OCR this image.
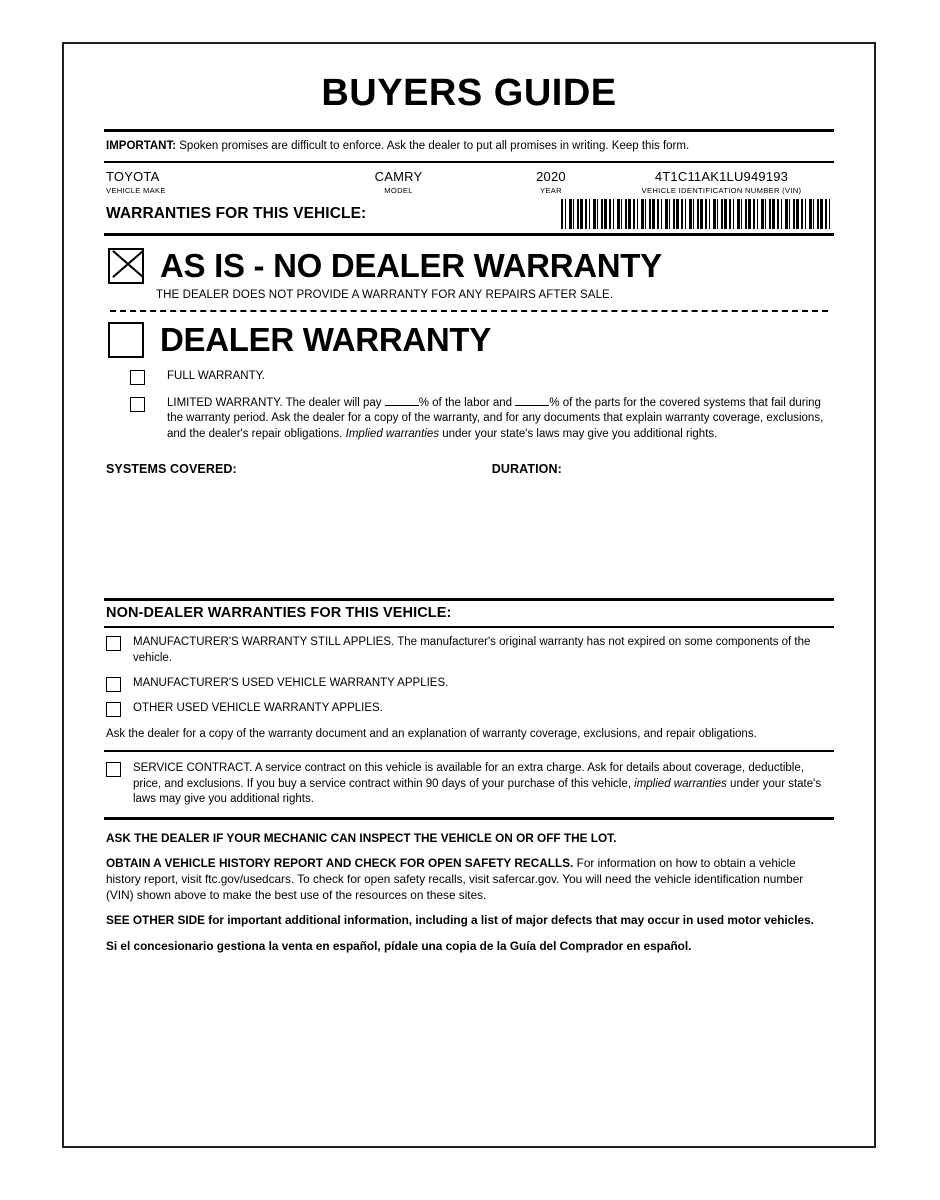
BUYERS GUIDE
IMPORTANT: Spoken promises are difficult to enforce. Ask the dealer to put all promises in writing. Keep this form.
TOYOTA
VEHICLE MAKE
CAMRY
MODEL
2020
YEAR
4T1C11AK1LU949193
VEHICLE IDENTIFICATION NUMBER (VIN)
WARRANTIES FOR THIS VEHICLE:
AS IS - NO DEALER WARRANTY
THE DEALER DOES NOT PROVIDE A WARRANTY FOR ANY REPAIRS AFTER SALE.
DEALER WARRANTY
FULL WARRANTY.
LIMITED WARRANTY. The dealer will pay	% of the labor and	% of the parts for the covered systems that fail during the warranty period. Ask the dealer for a copy of the warranty, and for any documents that explain warranty coverage, exclusions, and the dealer's repair obligations. Implied warranties under your state's laws may give you additional rights.
SYSTEMS COVERED:	DURATION:
NON-DEALER WARRANTIES FOR THIS VEHICLE:
MANUFACTURER'S WARRANTY STILL APPLIES. The manufacturer's original warranty has not expired on some components of the vehicle.
MANUFACTURER'S USED VEHICLE WARRANTY APPLIES.
OTHER USED VEHICLE WARRANTY APPLIES.
Ask the dealer for a copy of the warranty document and an explanation of warranty coverage, exclusions, and repair obligations.
SERVICE CONTRACT. A service contract on this vehicle is available for an extra charge. Ask for details about coverage, deductible, price, and exclusions. If you buy a service contract within 90 days of your purchase of this vehicle, implied warranties under your state's laws may give you additional rights.
ASK THE DEALER IF YOUR MECHANIC CAN INSPECT THE VEHICLE ON OR OFF THE LOT.
OBTAIN A VEHICLE HISTORY REPORT AND CHECK FOR OPEN SAFETY RECALLS. For information on how to obtain a vehicle history report, visit ftc.gov/usedcars. To check for open safety recalls, visit safercar.gov. You will need the vehicle identification number (VIN) shown above to make the best use of the resources on these sites.
SEE OTHER SIDE for important additional information, including a list of major defects that may occur in used motor vehicles.
Si el concesionario gestiona la venta en español, pídale una copia de la Guía del Comprador en español.
